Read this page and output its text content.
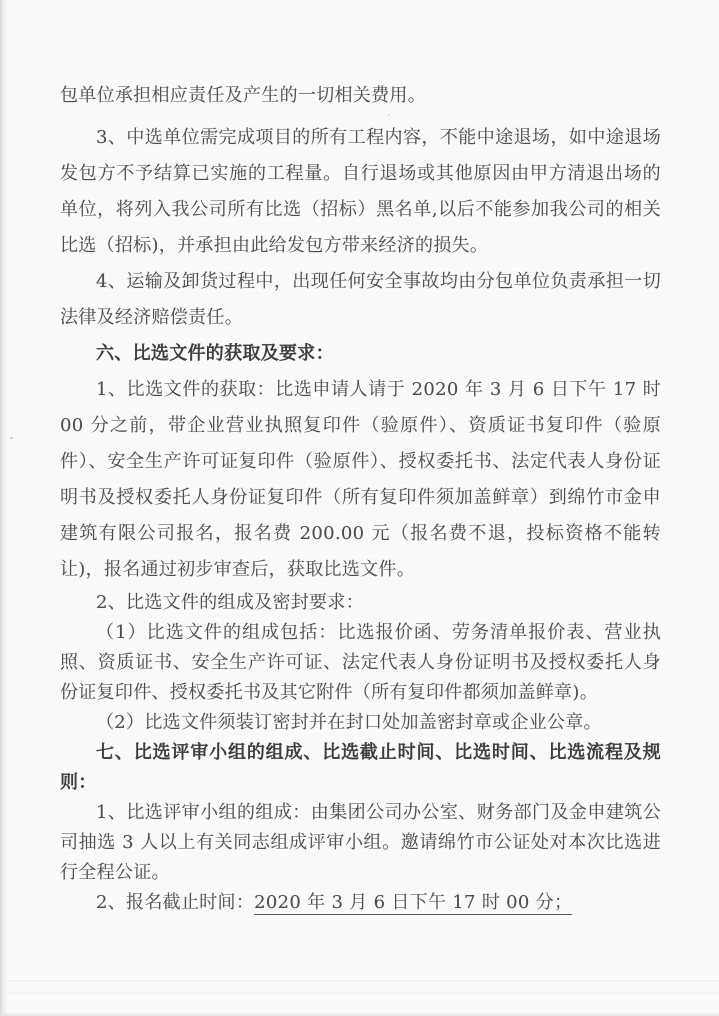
包单位承担相应责任及产生的一切相关费用。

3、中选单位需完成项目的所有工程内容，不能中途退场，如中途退场发包方不予结算已实施的工程量。自行退场或其他原因由甲方清退出场的单位，将列入我公司所有比选（招标）黑名单,以后不能参加我公司的相关比选（招标)，并承担由此给发包方带来经济的损失。

4、运输及卸货过程中，出现任何安全事故均由分包单位负责承担一切法律及经济赔偿责任。

六、比选文件的获取及要求：

1、比选文件的获取：比选申请人请于 2020 年 3 月 6 日下午 17 时 00 分之前，带企业营业执照复印件（验原件）、资质证书复印件（验原件）、安全生产许可证复印件（验原件）、授权委托书、法定代表人身份证明书及授权委托人身份证复印件（所有复印件须加盖鲜章）到绵竹市金申建筑有限公司报名，报名费 200.00 元（报名费不退，投标资格不能转让)，报名通过初步审查后，获取比选文件。

2、比选文件的组成及密封要求：

（1）比选文件的组成包括：比选报价函、劳务清单报价表、营业执照、资质证书、安全生产许可证、法定代表人身份证明书及授权委托人身份证复印件、授权委托书及其它附件（所有复印件都须加盖鲜章)。

（2）比选文件须装订密封并在封口处加盖密封章或企业公章。

七、比选评审小组的组成、比选截止时间、比选时间、比选流程及规则：

1、比选评审小组的组成：由集团公司办公室、财务部门及金申建筑公司抽选 3 人以上有关同志组成评审小组。邀请绵竹市公证处对本次比选进行全程公证。

2、报名截止时间：2020 年 3 月 6 日下午 17 时 00 分；
